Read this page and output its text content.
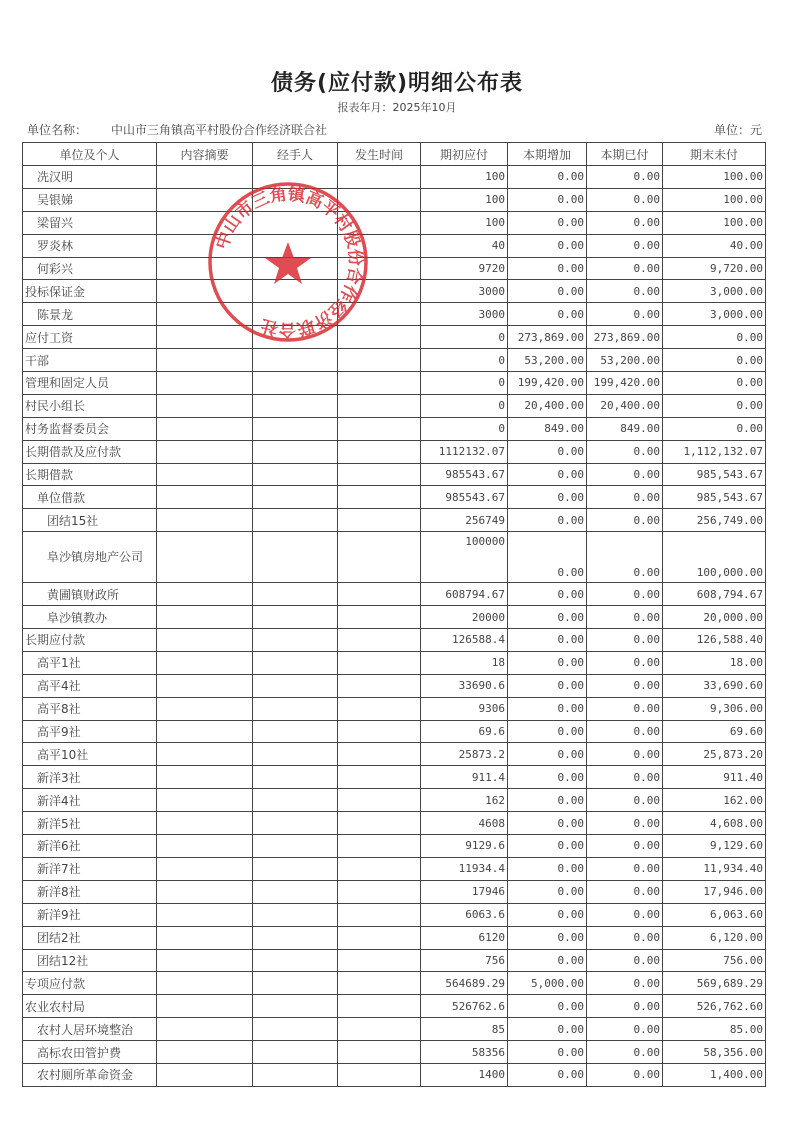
债务(应付款)明细公布表
报表年月：2025年10月
单位名称： 中山市三角镇高平村股份合作经济联合社	单位：元
单位及个人	内容摘要	经手人	发生时间	期初应付	本期增加	本期已付	期末未付
冼汉明				100	0.00	0.00	100.00
吴银娣				100	0.00	0.00	100.00
梁留兴				100	0.00	0.00	100.00
罗炎林				40	0.00	0.00	40.00
何彩兴				9720	0.00	0.00	9,720.00
投标保证金				3000	0.00	0.00	3,000.00
陈景龙				3000	0.00	0.00	3,000.00
应付工资				0	273,869.00	273,869.00	0.00
干部				0	53,200.00	53,200.00	0.00
管理和固定人员				0	199,420.00	199,420.00	0.00
村民小组长				0	20,400.00	20,400.00	0.00
村务监督委员会				0	849.00	849.00	0.00
长期借款及应付款				1112132.07	0.00	0.00	1,112,132.07
长期借款				985543.67	0.00	0.00	985,543.67
单位借款				985543.67	0.00	0.00	985,543.67
团结15社				256749	0.00	0.00	256,749.00
阜沙镇房地产公司				100000	0.00	0.00	100,000.00
黄圃镇财政所				608794.67	0.00	0.00	608,794.67
阜沙镇教办				20000	0.00	0.00	20,000.00
长期应付款				126588.4	0.00	0.00	126,588.40
高平1社				18	0.00	0.00	18.00
高平4社				33690.6	0.00	0.00	33,690.60
高平8社				9306	0.00	0.00	9,306.00
高平9社				69.6	0.00	0.00	69.60
高平10社				25873.2	0.00	0.00	25,873.20
新洋3社				911.4	0.00	0.00	911.40
新洋4社				162	0.00	0.00	162.00
新洋5社				4608	0.00	0.00	4,608.00
新洋6社				9129.6	0.00	0.00	9,129.60
新洋7社				11934.4	0.00	0.00	11,934.40
新洋8社				17946	0.00	0.00	17,946.00
新洋9社				6063.6	0.00	0.00	6,063.60
团结2社				6120	0.00	0.00	6,120.00
团结12社				756	0.00	0.00	756.00
专项应付款				564689.29	5,000.00	0.00	569,689.29
农业农村局				526762.6	0.00	0.00	526,762.60
农村人居环境整治				85	0.00	0.00	85.00
高标农田管护费				58356	0.00	0.00	58,356.00
农村厕所革命资金				1400	0.00	0.00	1,400.00
中山市三角镇高平村股份合作经济联合社
